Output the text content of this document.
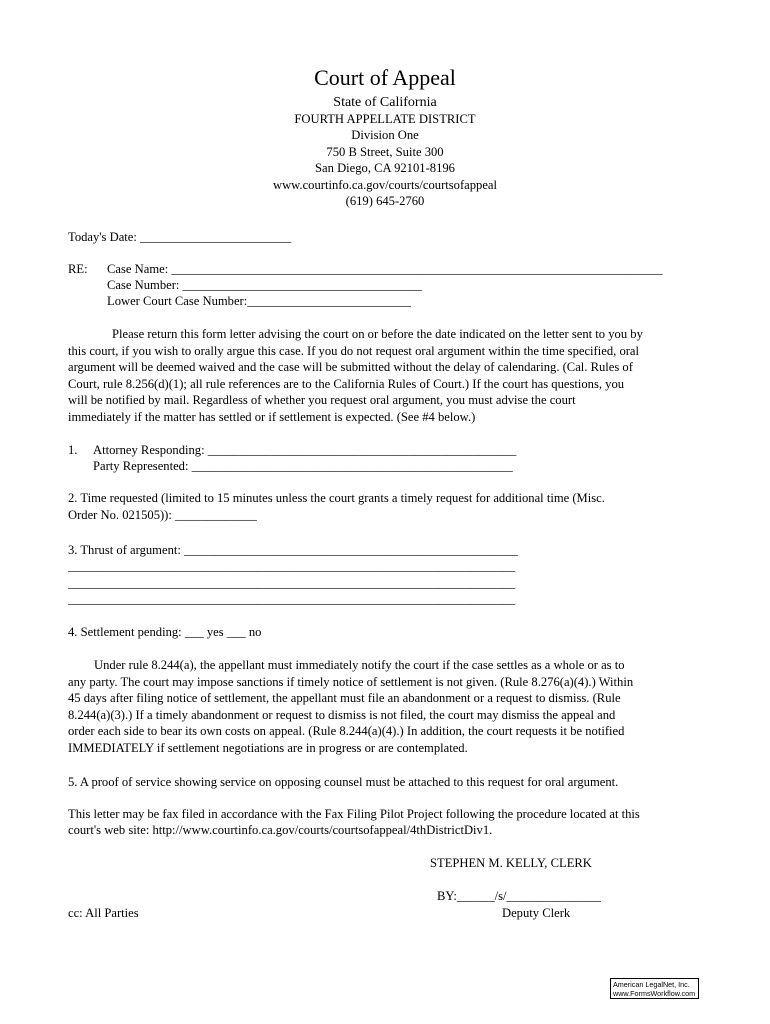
Court of Appeal
State of California
FOURTH APPELLATE DISTRICT
Division One
750 B Street, Suite 300
San Diego, CA 92101-8196
www.courtinfo.ca.gov/courts/courtsofappeal
(619) 645-2760
Today's Date: ________________________
RE: Case Name: ______________________________________________________________________________
Case Number: ______________________________________
Lower Court Case Number:__________________________
Please return this form letter advising the court on or before the date indicated on the letter sent to you by
this court, if you wish to orally argue this case. If you do not request oral argument within the time specified, oral
argument will be deemed waived and the case will be submitted without the delay of calendaring. (Cal. Rules of
Court, rule 8.256(d)(1); all rule references are to the California Rules of Court.) If the court has questions, you
will be notified by mail. Regardless of whether you request oral argument, you must advise the court
immediately if the matter has settled or if settlement is expected. (See #4 below.)
1. Attorney Responding: _________________________________________________
Party Represented: ___________________________________________________
2. Time requested (limited to 15 minutes unless the court grants a timely request for additional time (Misc.
Order No. 021505)): _____________
3. Thrust of argument: _____________________________________________________
_______________________________________________________________________
_______________________________________________________________________
_______________________________________________________________________
4. Settlement pending: ___ yes ___ no
Under rule 8.244(a), the appellant must immediately notify the court if the case settles as a whole or as to
any party. The court may impose sanctions if timely notice of settlement is not given. (Rule 8.276(a)(4).) Within
45 days after filing notice of settlement, the appellant must file an abandonment or a request to dismiss. (Rule
8.244(a)(3).) If a timely abandonment or request to dismiss is not filed, the court may dismiss the appeal and
order each side to bear its own costs on appeal. (Rule 8.244(a)(4).) In addition, the court requests it be notified
IMMEDIATELY if settlement negotiations are in progress or are contemplated.
5. A proof of service showing service on opposing counsel must be attached to this request for oral argument.
This letter may be fax filed in accordance with the Fax Filing Pilot Project following the procedure located at this
court's web site: http://www.courtinfo.ca.gov/courts/courtsofappeal/4thDistrictDiv1.
STEPHEN M. KELLY, CLERK
BY:______/s/_______________
Deputy Clerk
cc: All Parties
American LegalNet, Inc.
www.FormsWorkflow.com
